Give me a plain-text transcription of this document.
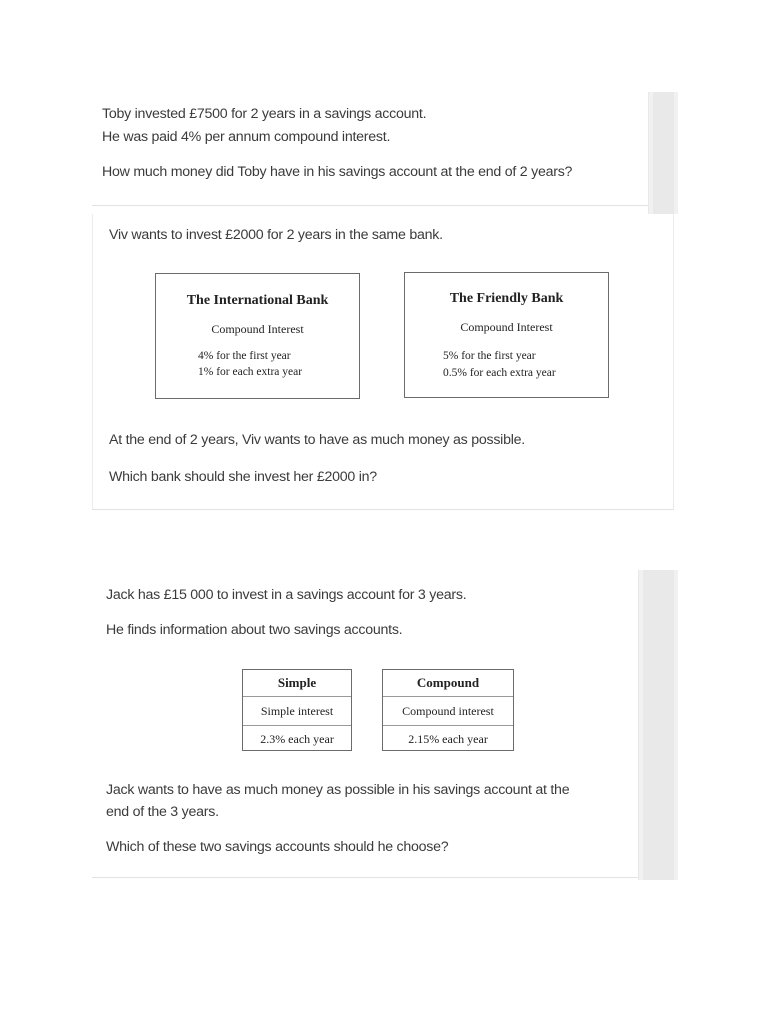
Toby invested £7500 for 2 years in a savings account.
He was paid 4% per annum compound interest.
How much money did Toby have in his savings account at the end of 2 years?
Viv wants to invest £2000 for 2 years in the same bank.
The International Bank
Compound Interest
4% for the first year
1% for each extra year
The Friendly Bank
Compound Interest
5% for the first year
0.5% for each extra year
At the end of 2 years, Viv wants to have as much money as possible.
Which bank should she invest her £2000 in?
Jack has £15 000 to invest in a savings account for 3 years.
He finds information about two savings accounts.
Simple
Simple interest
2.3% each year
Compound
Compound interest
2.15% each year
Jack wants to have as much money as possible in his savings account at the
end of the 3 years.
Which of these two savings accounts should he choose?
